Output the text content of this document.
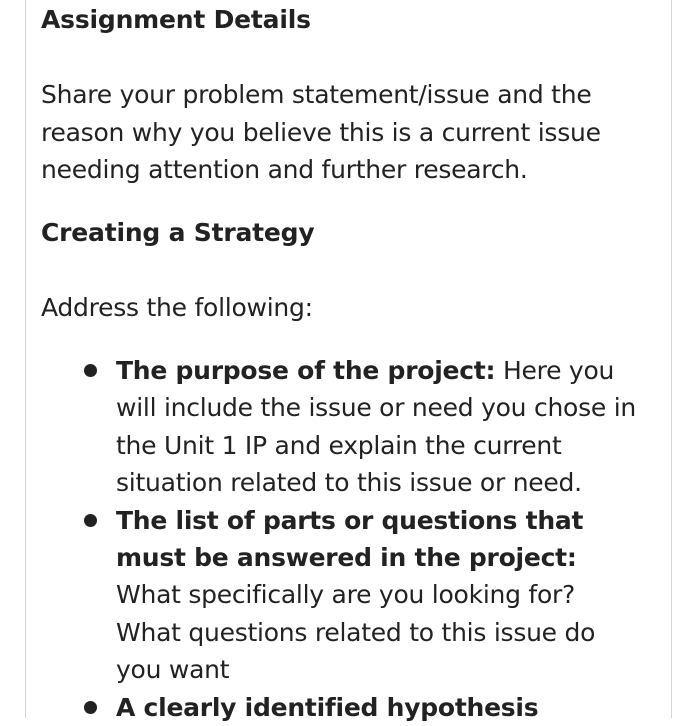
Assignment Details

Share your problem statement/issue and the reason why you believe this is a current issue needing attention and further research.

Creating a Strategy

Address the following:

The purpose of the project: Here you will include the issue or need you chose in the Unit 1 IP and explain the current situation related to this issue or need.
The list of parts or questions that must be answered in the project: What specifically are you looking for? What questions related to this issue do you want
A clearly identified hypothesis
